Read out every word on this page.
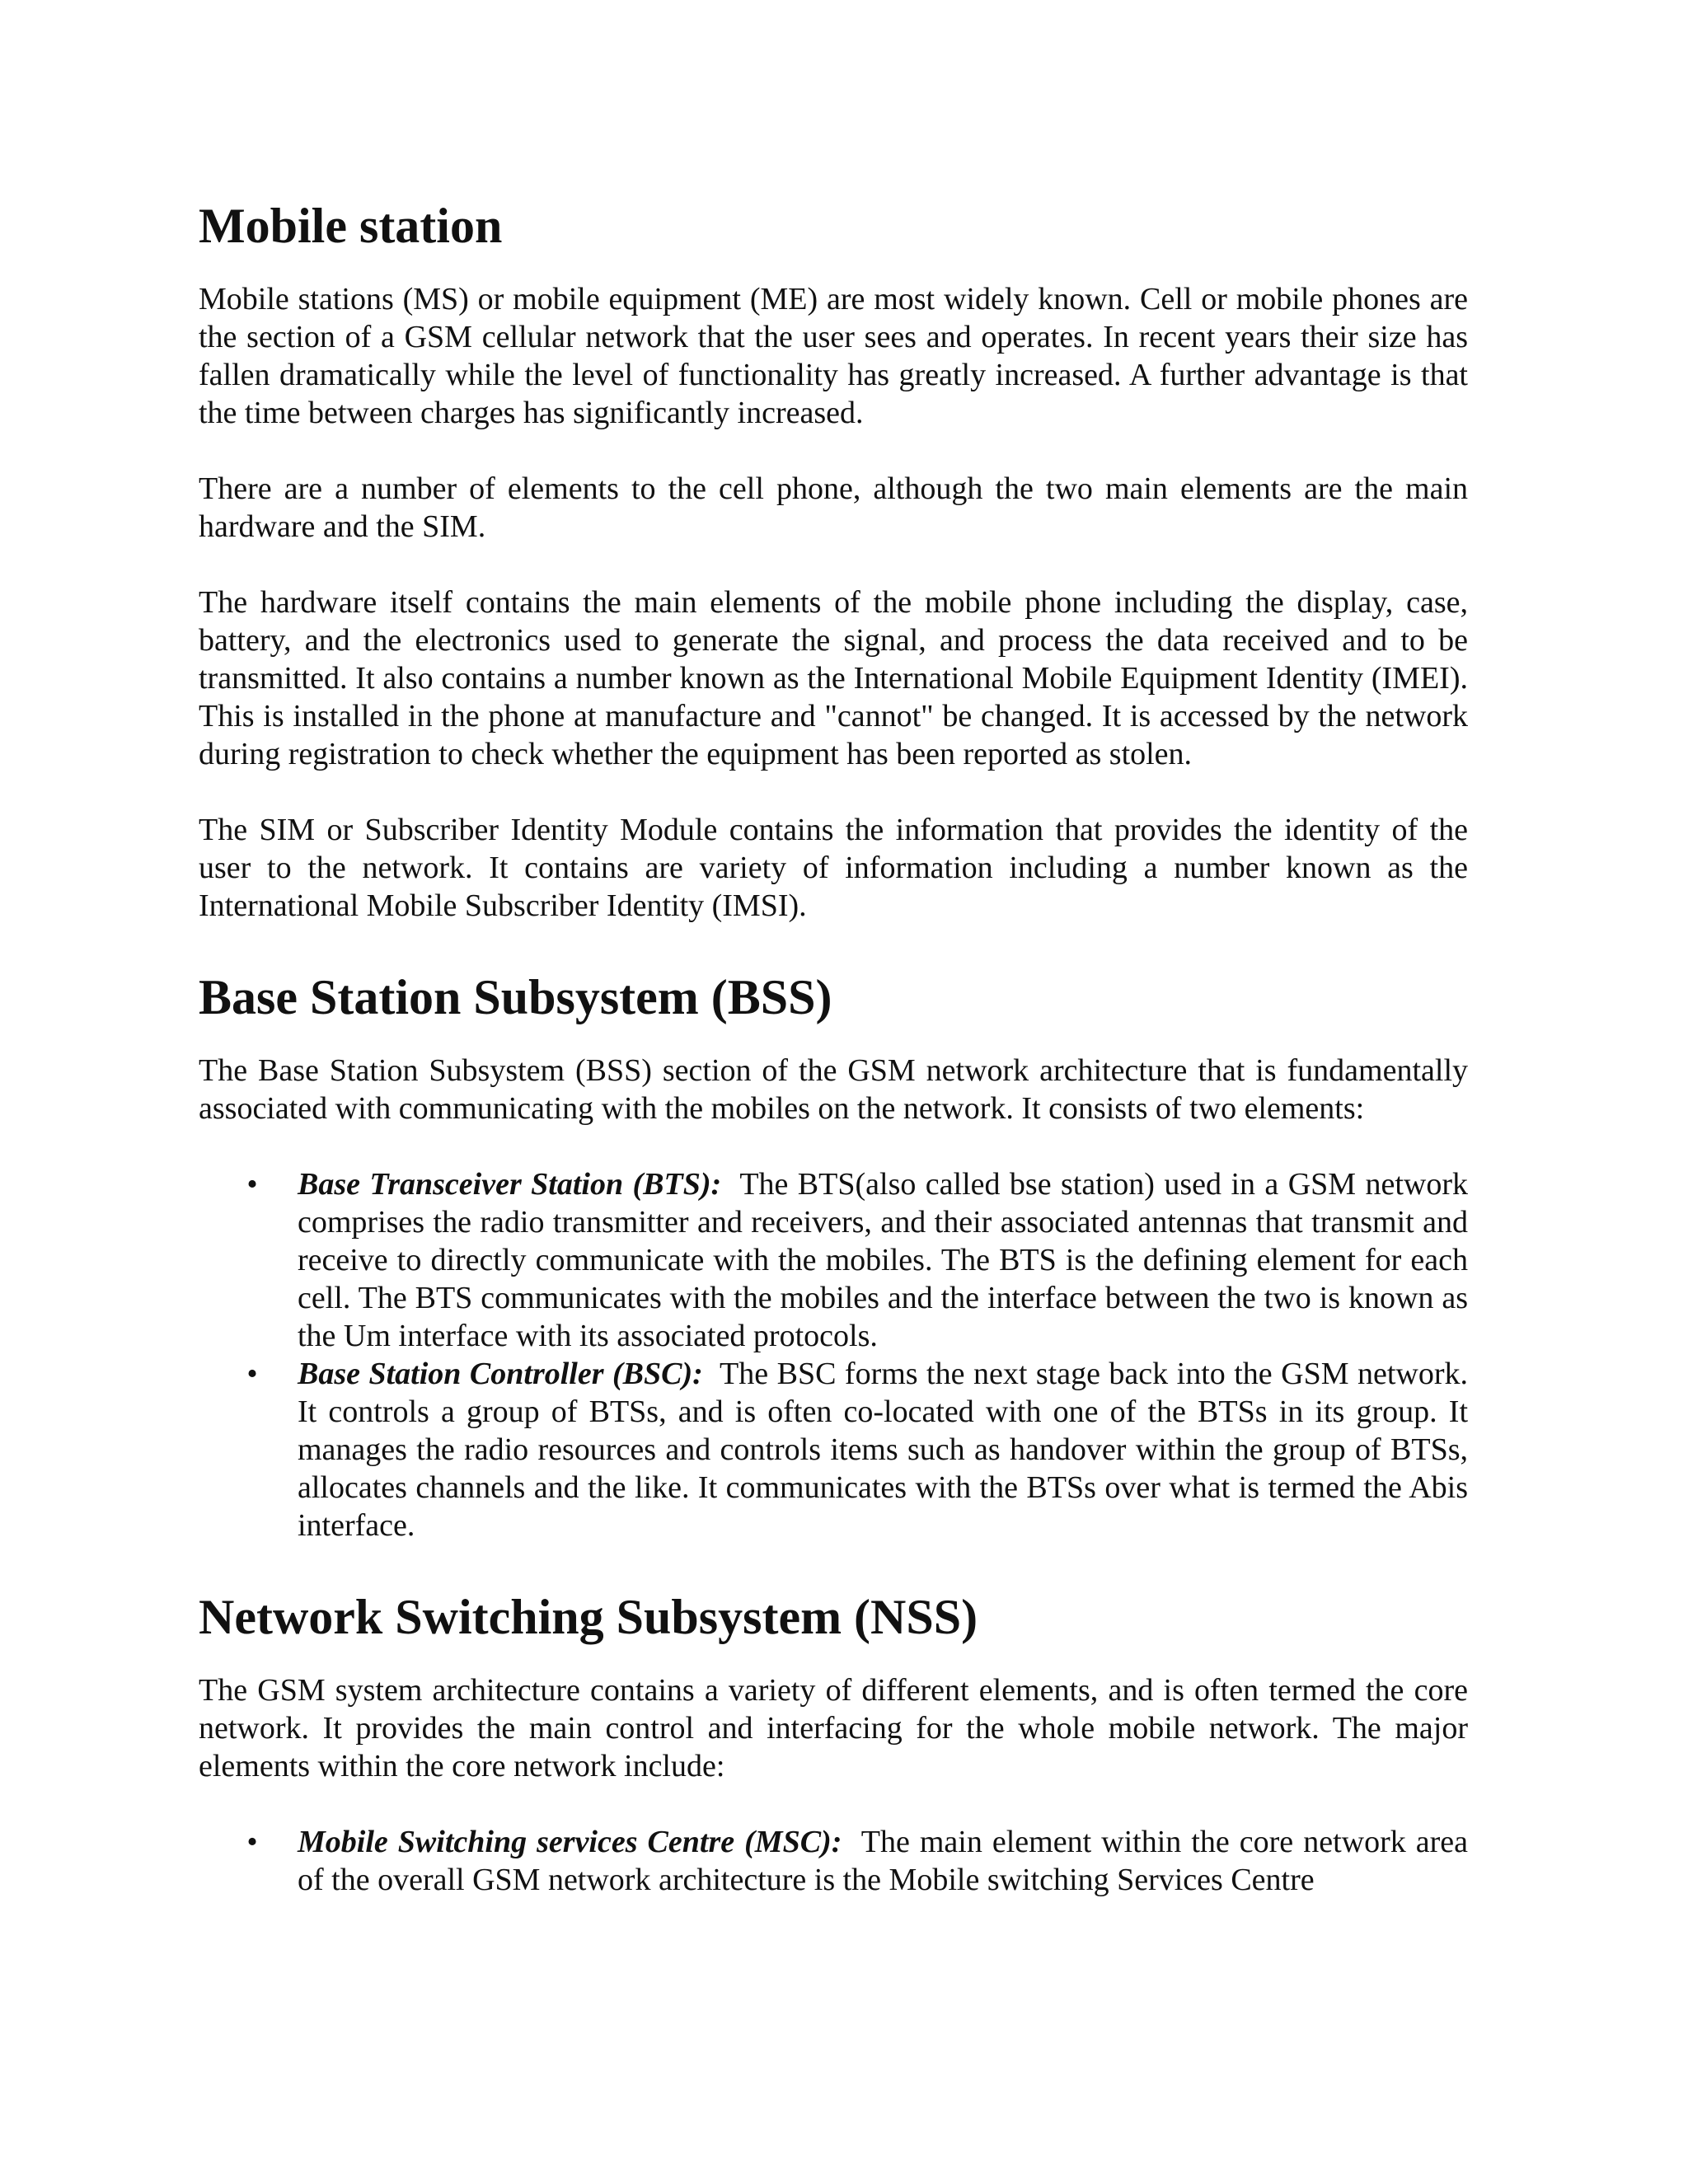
Mobile station

Mobile stations (MS) or mobile equipment (ME) are most widely known. Cell or mobile phones are the section of a GSM cellular network that the user sees and operates. In recent years their size has fallen dramatically while the level of functionality has greatly increased. A further advantage is that the time between charges has significantly increased.

There are a number of elements to the cell phone, although the two main elements are the main hardware and the SIM.

The hardware itself contains the main elements of the mobile phone including the display, case, battery, and the electronics used to generate the signal, and process the data received and to be transmitted. It also contains a number known as the International Mobile Equipment Identity (IMEI). This is installed in the phone at manufacture and "cannot" be changed. It is accessed by the network during registration to check whether the equipment has been reported as stolen.

The SIM or Subscriber Identity Module contains the information that provides the identity of the user to the network. It contains are variety of information including a number known as the International Mobile Subscriber Identity (IMSI).

Base Station Subsystem (BSS)

The Base Station Subsystem (BSS) section of the GSM network architecture that is fundamentally associated with communicating with the mobiles on the network. It consists of two elements:

• Base Transceiver Station (BTS):  The BTS(also called bse station) used in a GSM network comprises the radio transmitter and receivers, and their associated antennas that transmit and receive to directly communicate with the mobiles. The BTS is the defining element for each cell. The BTS communicates with the mobiles and the interface between the two is known as the Um interface with its associated protocols.
• Base Station Controller (BSC):  The BSC forms the next stage back into the GSM network. It controls a group of BTSs, and is often co-located with one of the BTSs in its group. It manages the radio resources and controls items such as handover within the group of BTSs, allocates channels and the like. It communicates with the BTSs over what is termed the Abis interface.
Network Switching Subsystem (NSS)

The GSM system architecture contains a variety of different elements, and is often termed the core network. It provides the main control and interfacing for the whole mobile network. The major elements within the core network include:

• Mobile Switching services Centre (MSC):  The main element within the core network area of the overall GSM network architecture is the Mobile switching Services Centre
